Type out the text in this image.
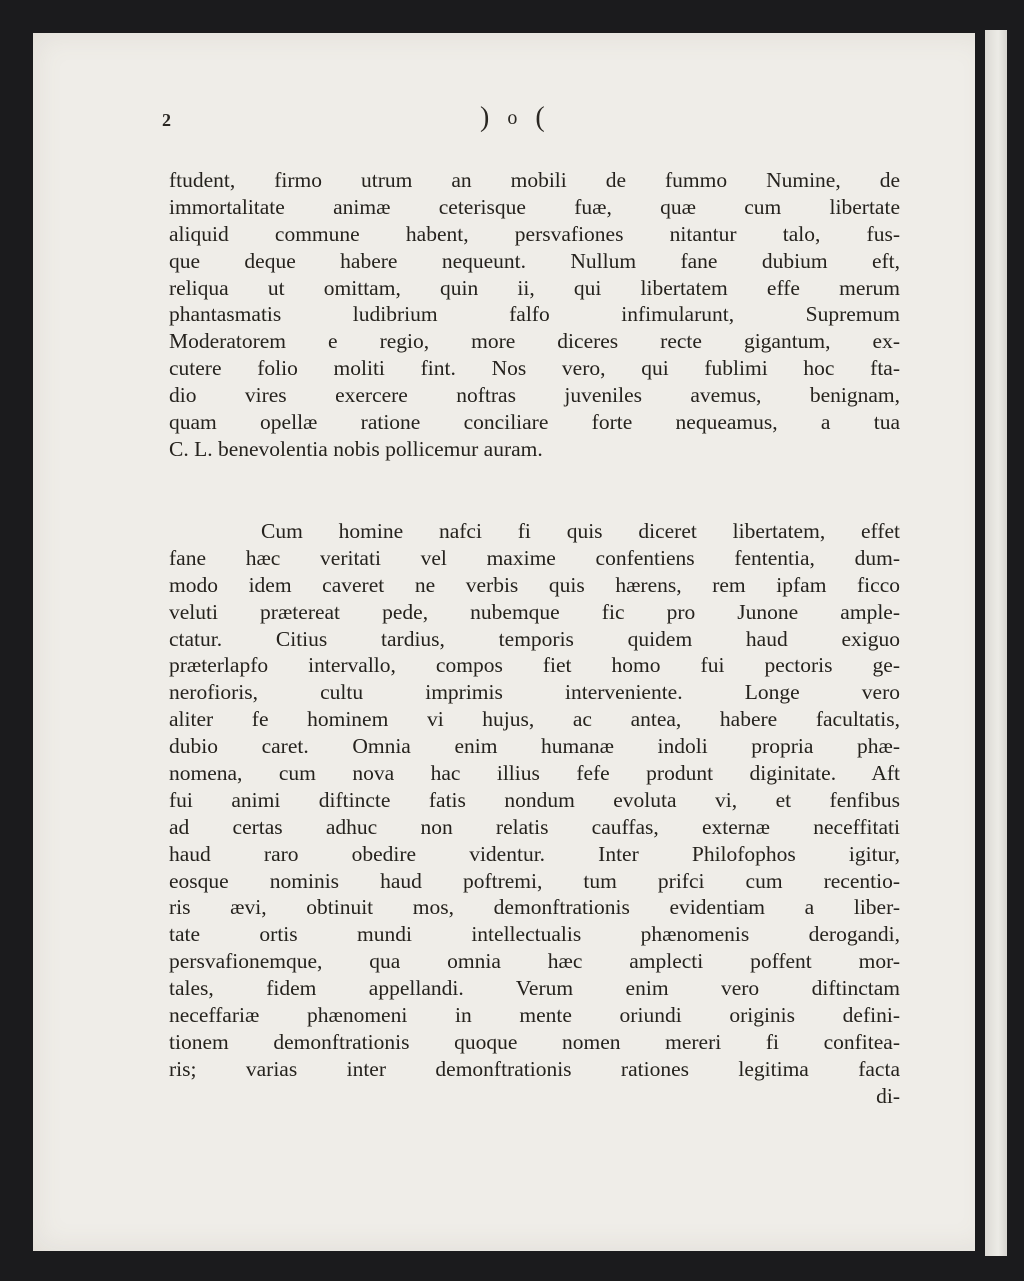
2	)o(
ftudent, firmo utrum an mobili de fummo Numine, de
immortalitate animæ ceterisque fuæ, quæ cum libertate
aliquid commune habent, persvafiones nitantur talo, fus-
que deque habere nequeunt. Nullum fane dubium eft,
reliqua ut omittam, quin ii, qui libertatem effe merum
phantasmatis ludibrium falfo infimularunt, Supremum
Moderatorem e regio, more diceres recte gigantum, ex-
cutere folio moliti fint. Nos vero, qui fublimi hoc fta-
dio vires exercere noftras juveniles avemus, benignam,
quam opellæ ratione conciliare forte nequeamus, a tua
C. L. benevolentia nobis pollicemur auram.
Cum homine nafci fi quis diceret libertatem, effet
fane hæc veritati vel maxime confentiens fententia, dum-
modo idem caveret ne verbis quis hærens, rem ipfam ficco
veluti prætereat pede, nubemque fic pro Junone ample-
ctatur. Citius tardius, temporis quidem haud exiguo
præterlapfo intervallo, compos fiet homo fui pectoris ge-
nerofioris, cultu imprimis interveniente. Longe vero
aliter fe hominem vi hujus, ac antea, habere facultatis,
dubio caret. Omnia enim humanæ indoli propria phæ-
nomena, cum nova hac illius fefe produnt diginitate. Aft
fui animi diftincte fatis nondum evoluta vi, et fenfibus
ad certas adhuc non relatis cauffas, externæ neceffitati
haud raro obedire videntur. Inter Philofophos igitur,
eosque nominis haud poftremi, tum prifci cum recentio-
ris ævi, obtinuit mos, demonftrationis evidentiam a liber-
tate ortis mundi intellectualis phænomenis derogandi,
persvafionemque, qua omnia hæc amplecti poffent mor-
tales, fidem appellandi. Verum enim vero diftinctam
neceffariæ phænomeni in mente oriundi originis defini-
tionem demonftrationis quoque nomen mereri fi confitea-
ris; varias inter demonftrationis rationes legitima facta
di-
